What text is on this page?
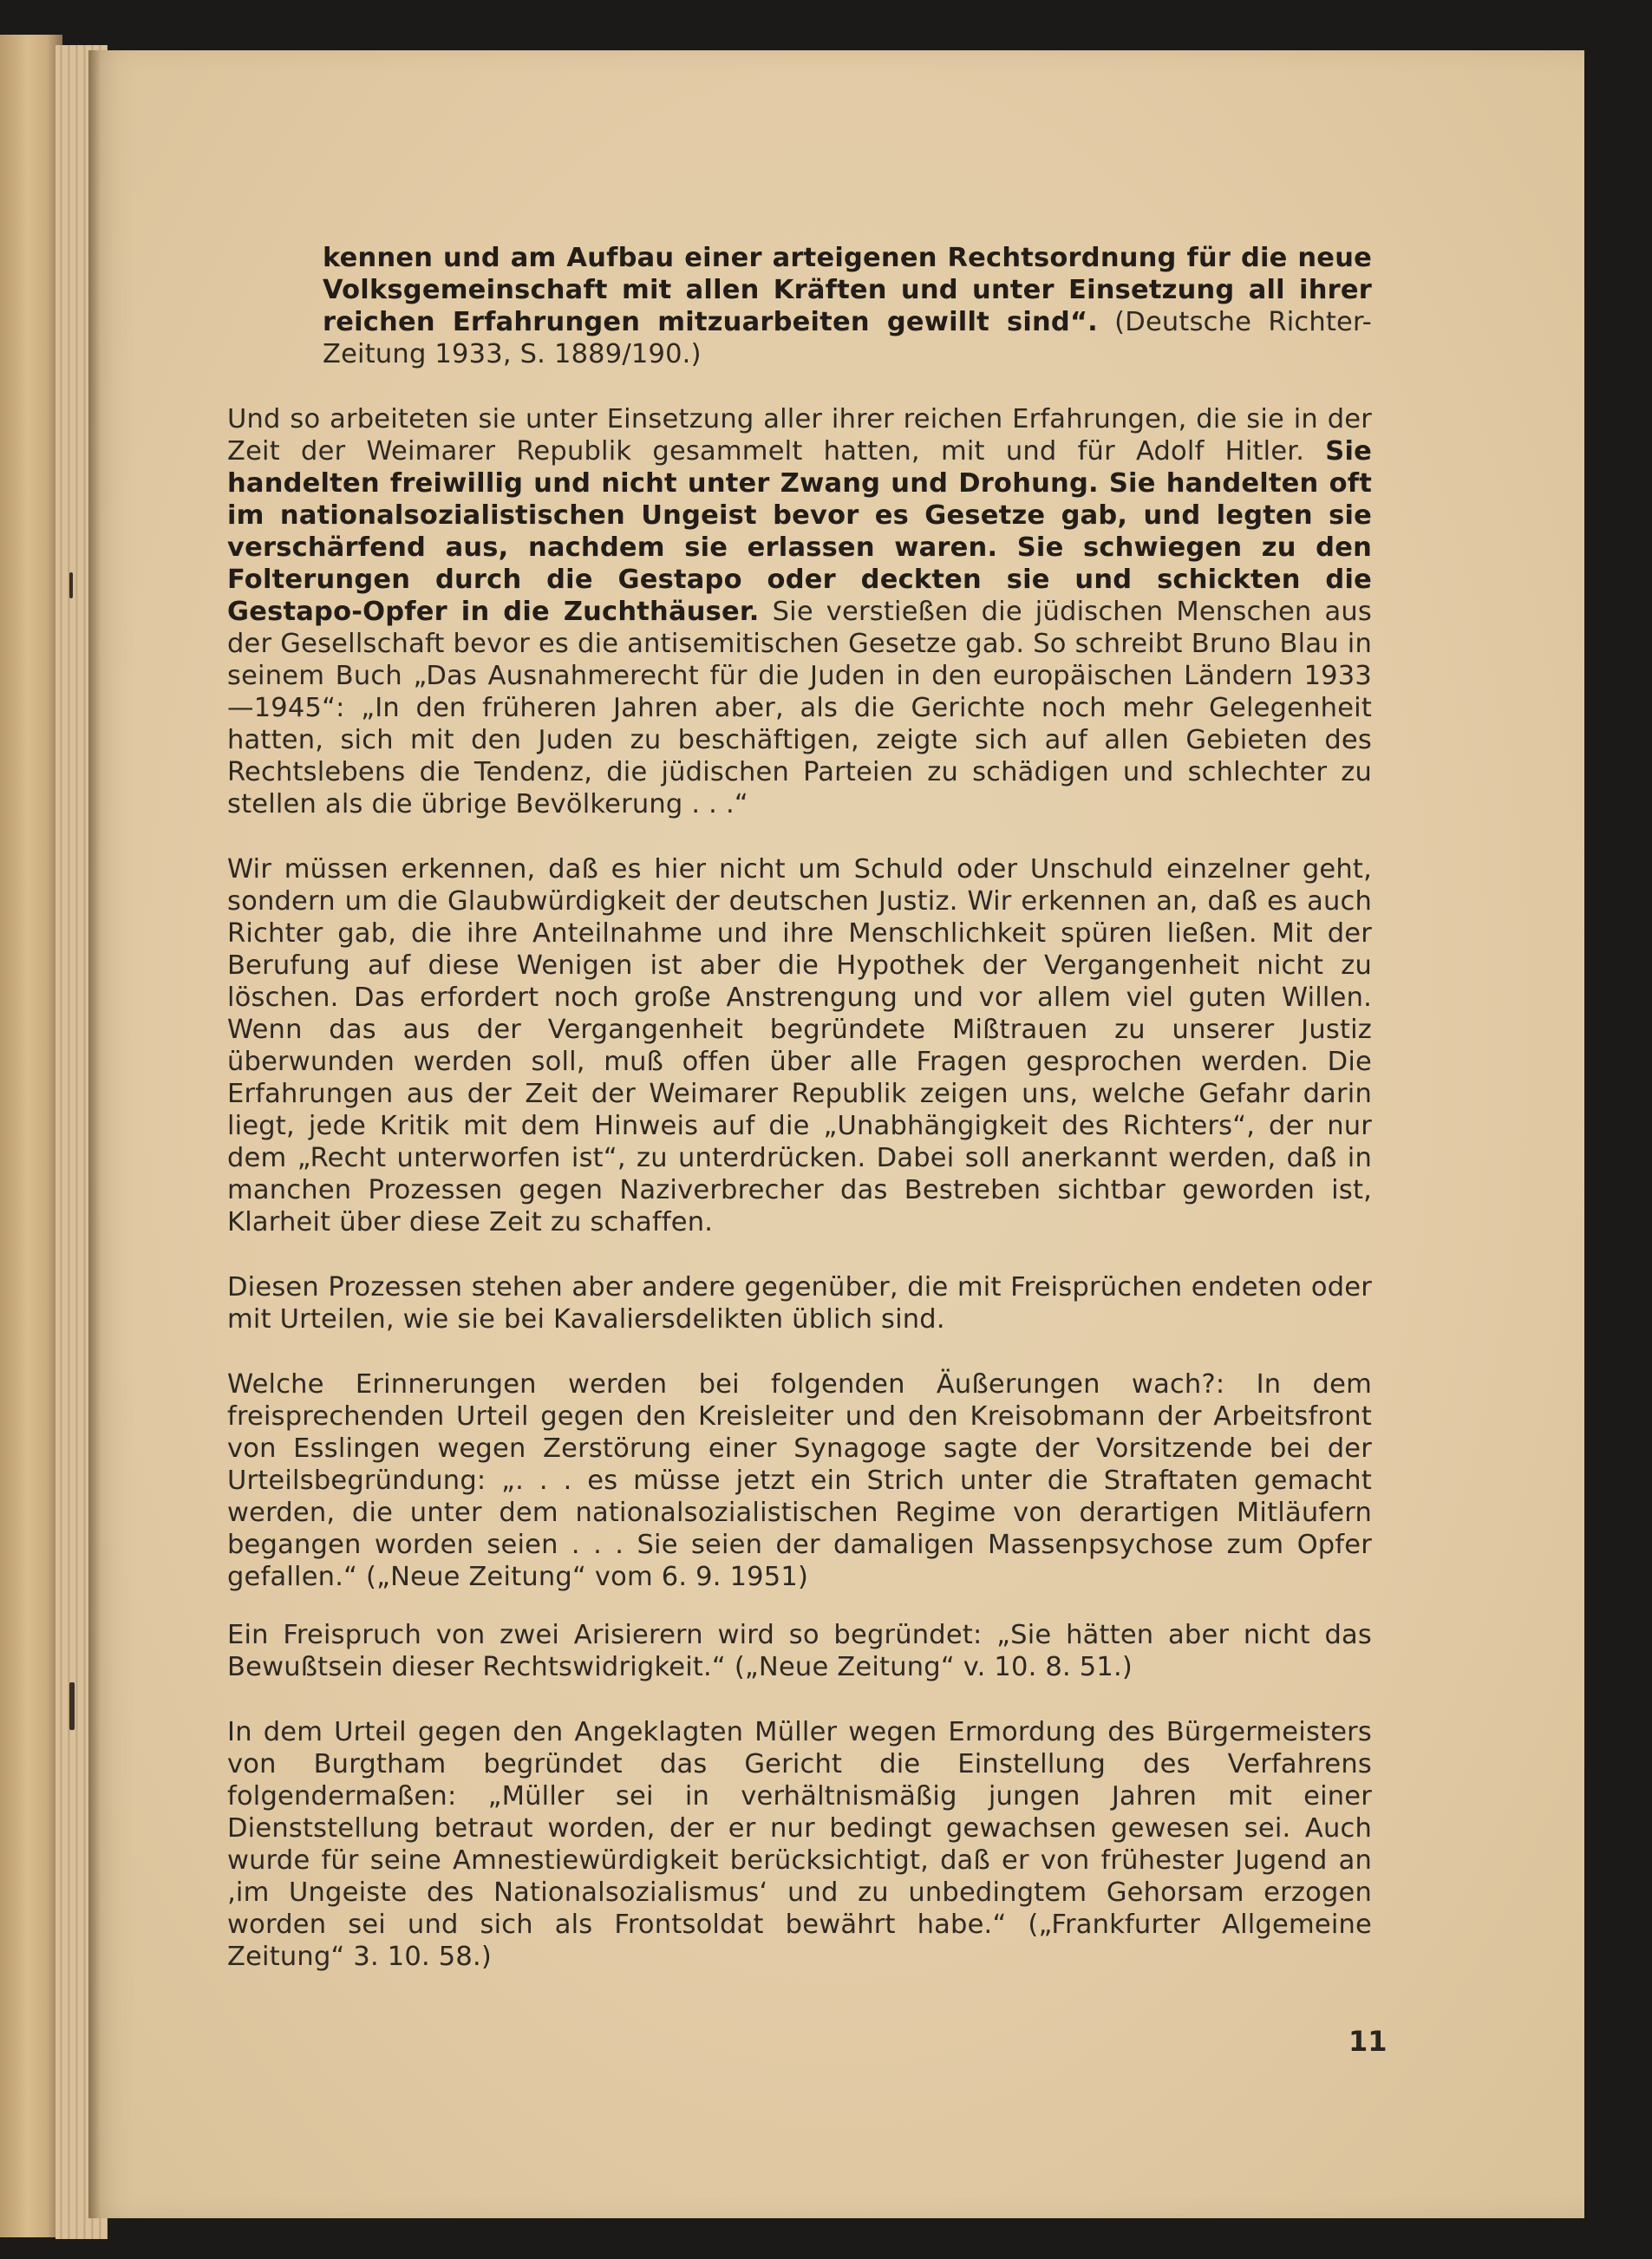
kennen und am Aufbau einer arteigenen Rechtsordnung für die neue Volksgemeinschaft mit allen Kräften und unter Einsetzung all ihrer reichen Erfahrungen mitzuarbeiten gewillt sind“. (Deutsche Richter-Zeitung 1933, S. 1889/190.)

Und so arbeiteten sie unter Einsetzung aller ihrer reichen Erfahrungen, die sie in der Zeit der Weimarer Republik gesammelt hatten, mit und für Adolf Hitler. Sie handelten freiwillig und nicht unter Zwang und Drohung. Sie handelten oft im nationalsozialistischen Ungeist bevor es Gesetze gab, und legten sie verschärfend aus, nachdem sie erlassen waren. Sie schwiegen zu den Folterungen durch die Gestapo oder deckten sie und schickten die Gestapo-Opfer in die Zuchthäuser. Sie verstießen die jüdischen Menschen aus der Gesellschaft bevor es die antisemitischen Gesetze gab. So schreibt Bruno Blau in seinem Buch „Das Ausnahmerecht für die Juden in den europäischen Ländern 1933—1945“: „In den früheren Jahren aber, als die Gerichte noch mehr Gelegenheit hatten, sich mit den Juden zu beschäftigen, zeigte sich auf allen Gebieten des Rechtslebens die Tendenz, die jüdischen Parteien zu schädigen und schlechter zu stellen als die übrige Bevölkerung . . .“

Wir müssen erkennen, daß es hier nicht um Schuld oder Unschuld einzelner geht, sondern um die Glaubwürdigkeit der deutschen Justiz. Wir erkennen an, daß es auch Richter gab, die ihre Anteilnahme und ihre Menschlichkeit spüren ließen. Mit der Berufung auf diese Wenigen ist aber die Hypothek der Vergangenheit nicht zu löschen. Das erfordert noch große Anstrengung und vor allem viel guten Willen. Wenn das aus der Vergangenheit begründete Mißtrauen zu unserer Justiz überwunden werden soll, muß offen über alle Fragen gesprochen werden. Die Erfahrungen aus der Zeit der Weimarer Republik zeigen uns, welche Gefahr darin liegt, jede Kritik mit dem Hinweis auf die „Unabhängigkeit des Richters“, der nur dem „Recht unterworfen ist“, zu unterdrücken. Dabei soll anerkannt werden, daß in manchen Prozessen gegen Naziverbrecher das Bestreben sichtbar geworden ist, Klarheit über diese Zeit zu schaffen.

Diesen Prozessen stehen aber andere gegenüber, die mit Freisprüchen endeten oder mit Urteilen, wie sie bei Kavaliersdelikten üblich sind.

Welche Erinnerungen werden bei folgenden Äußerungen wach?: In dem freisprechenden Urteil gegen den Kreisleiter und den Kreisobmann der Arbeitsfront von Esslingen wegen Zerstörung einer Synagoge sagte der Vorsitzende bei der Urteilsbegründung: „. . . es müsse jetzt ein Strich unter die Straftaten gemacht werden, die unter dem nationalsozialistischen Regime von derartigen Mitläufern begangen worden seien . . . Sie seien der damaligen Massenpsychose zum Opfer gefallen.“ („Neue Zeitung“ vom 6. 9. 1951)

Ein Freispruch von zwei Arisierern wird so begründet: „Sie hätten aber nicht das Bewußtsein dieser Rechtswidrigkeit.“ („Neue Zeitung“ v. 10. 8. 51.)

In dem Urteil gegen den Angeklagten Müller wegen Ermordung des Bürgermeisters von Burgtham begründet das Gericht die Einstellung des Verfahrens folgendermaßen: „Müller sei in verhältnismäßig jungen Jahren mit einer Dienststellung betraut worden, der er nur bedingt gewachsen gewesen sei. Auch wurde für seine Amnestiewürdigkeit berücksichtigt, daß er von frühester Jugend an ‚im Ungeiste des Nationalsozialismus‘ und zu unbedingtem Gehorsam erzogen worden sei und sich als Frontsoldat bewährt habe.“ („Frankfurter Allgemeine Zeitung“ 3. 10. 58.)

11
